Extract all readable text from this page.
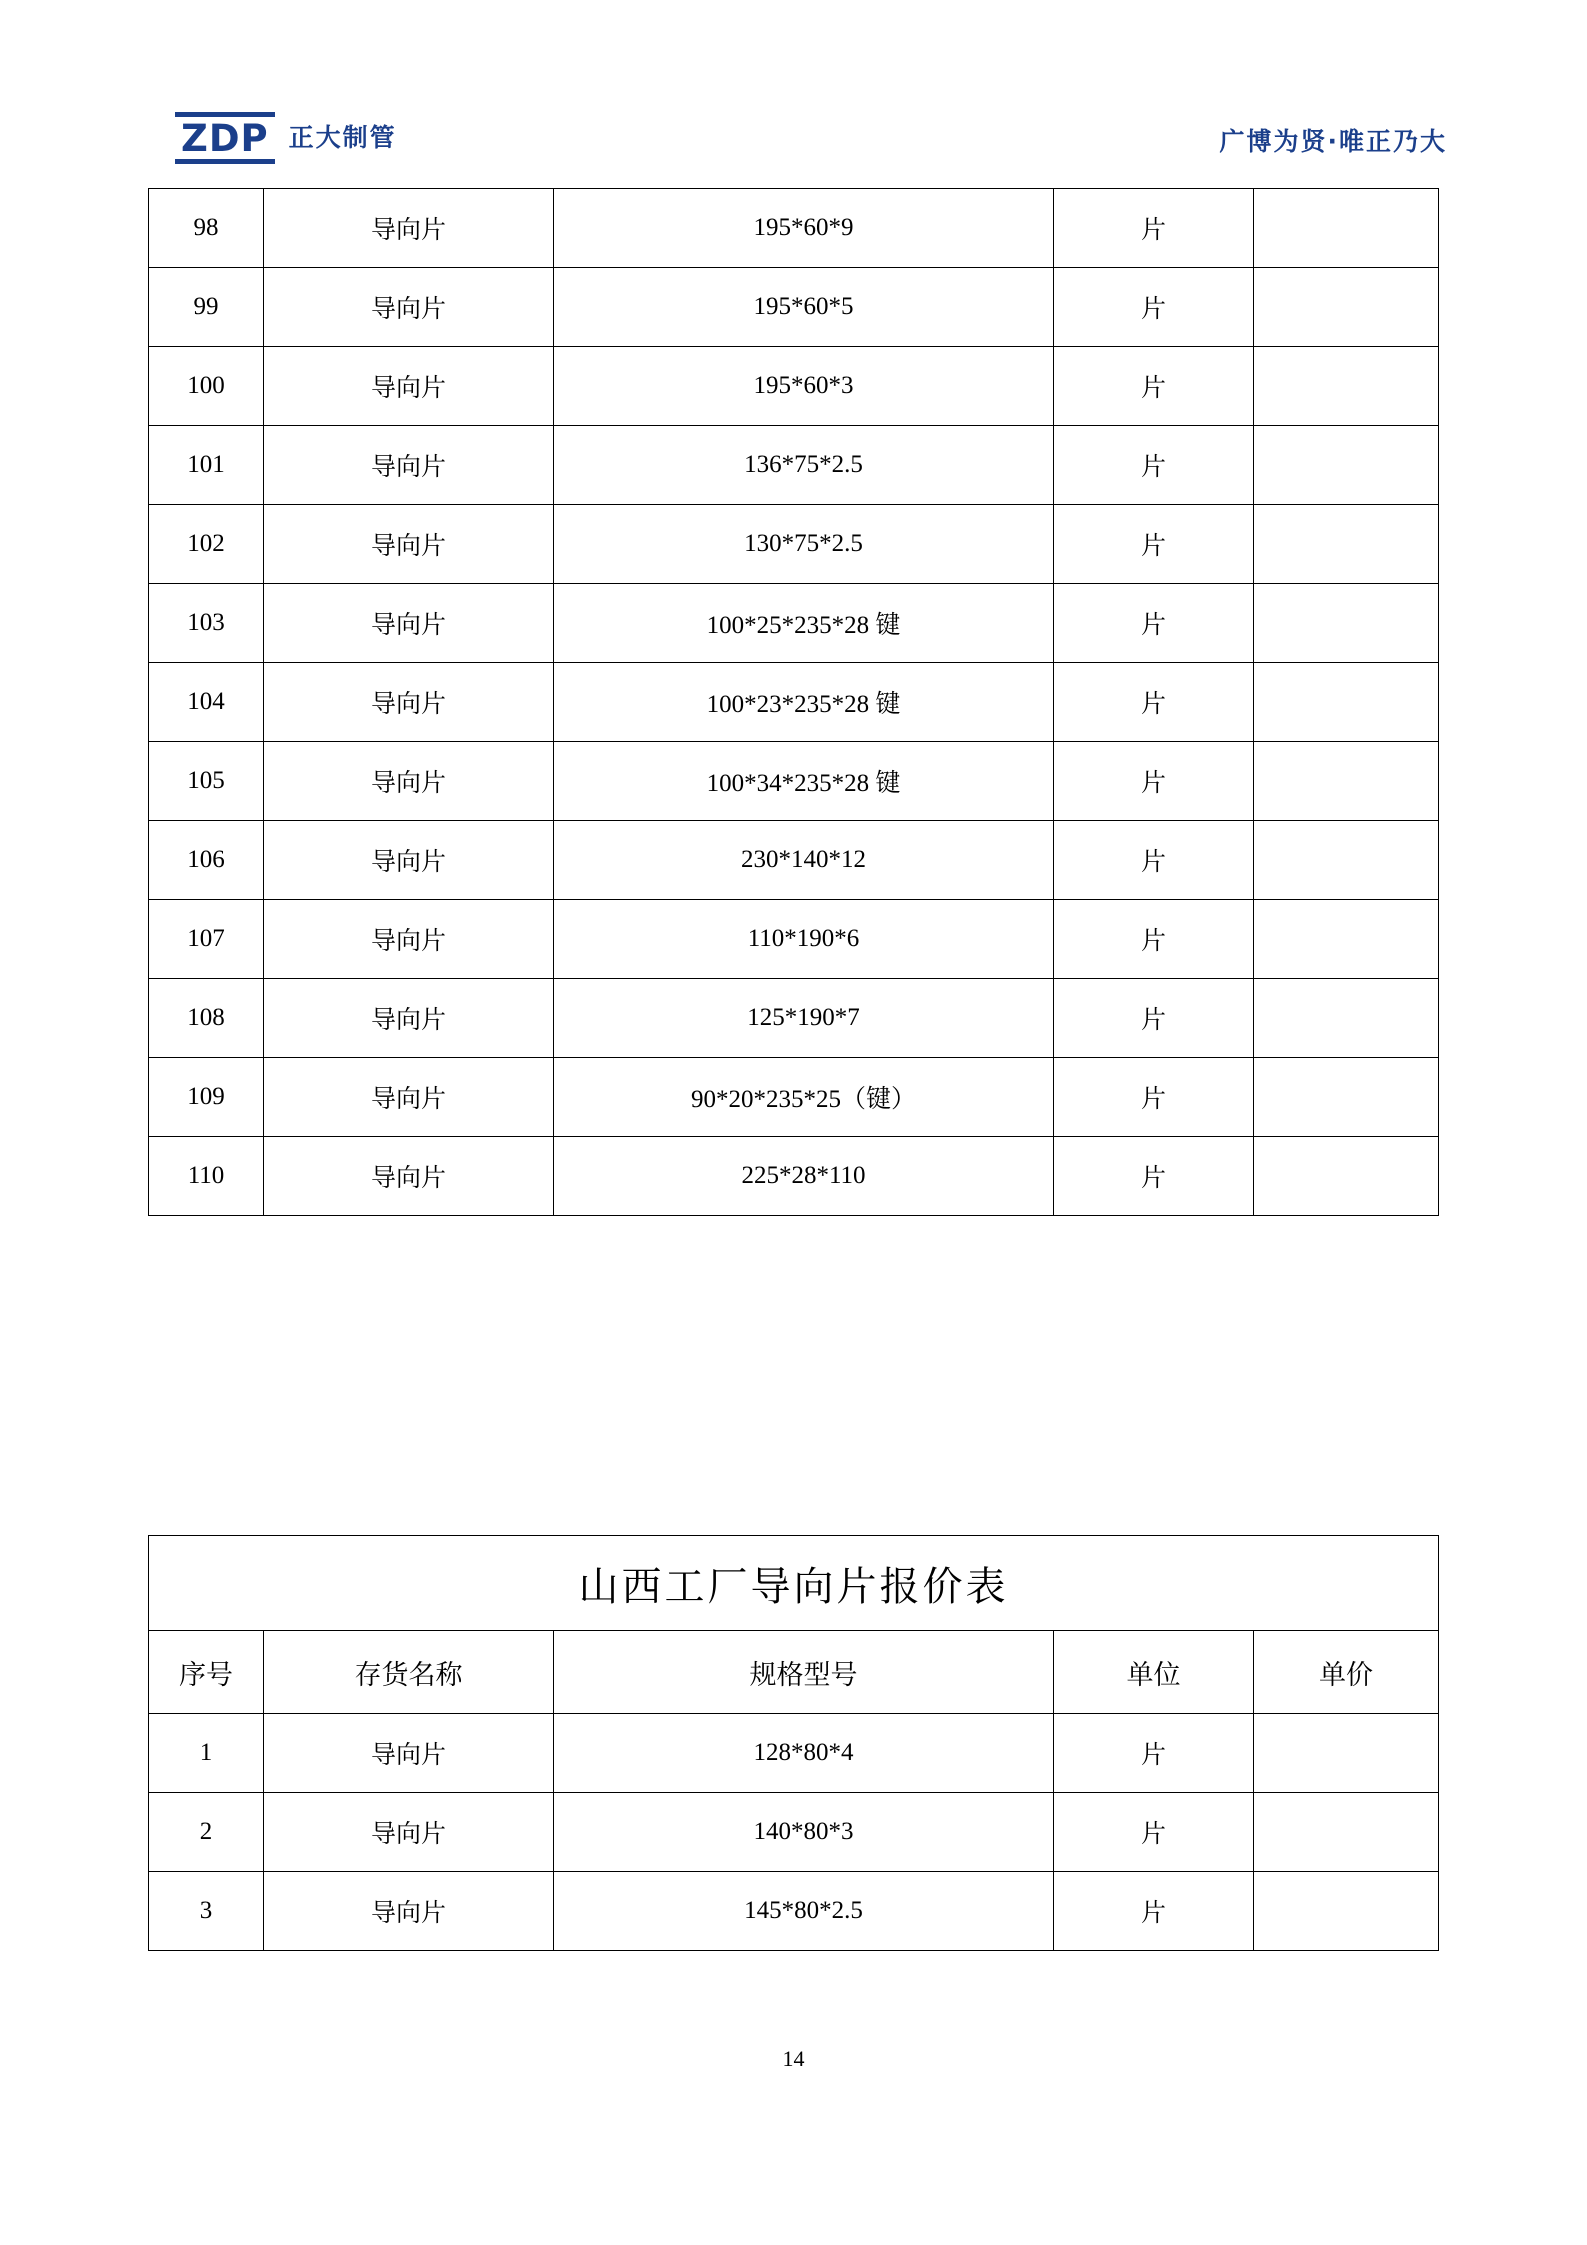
ZDP 正大制管	广博为贤·唯正乃大
98	导向片	195*60*9	片	
99	导向片	195*60*5	片	
100	导向片	195*60*3	片	
101	导向片	136*75*2.5	片	
102	导向片	130*75*2.5	片	
103	导向片	100*25*235*28 键	片	
104	导向片	100*23*235*28 键	片	
105	导向片	100*34*235*28 键	片	
106	导向片	230*140*12	片	
107	导向片	110*190*6	片	
108	导向片	125*190*7	片	
109	导向片	90*20*235*25（键）	片	
110	导向片	225*28*110	片	
山西工厂导向片报价表				
序号	存货名称	规格型号	单位	单价
1	导向片	128*80*4	片	
2	导向片	140*80*3	片	
3	导向片	145*80*2.5	片	
14
